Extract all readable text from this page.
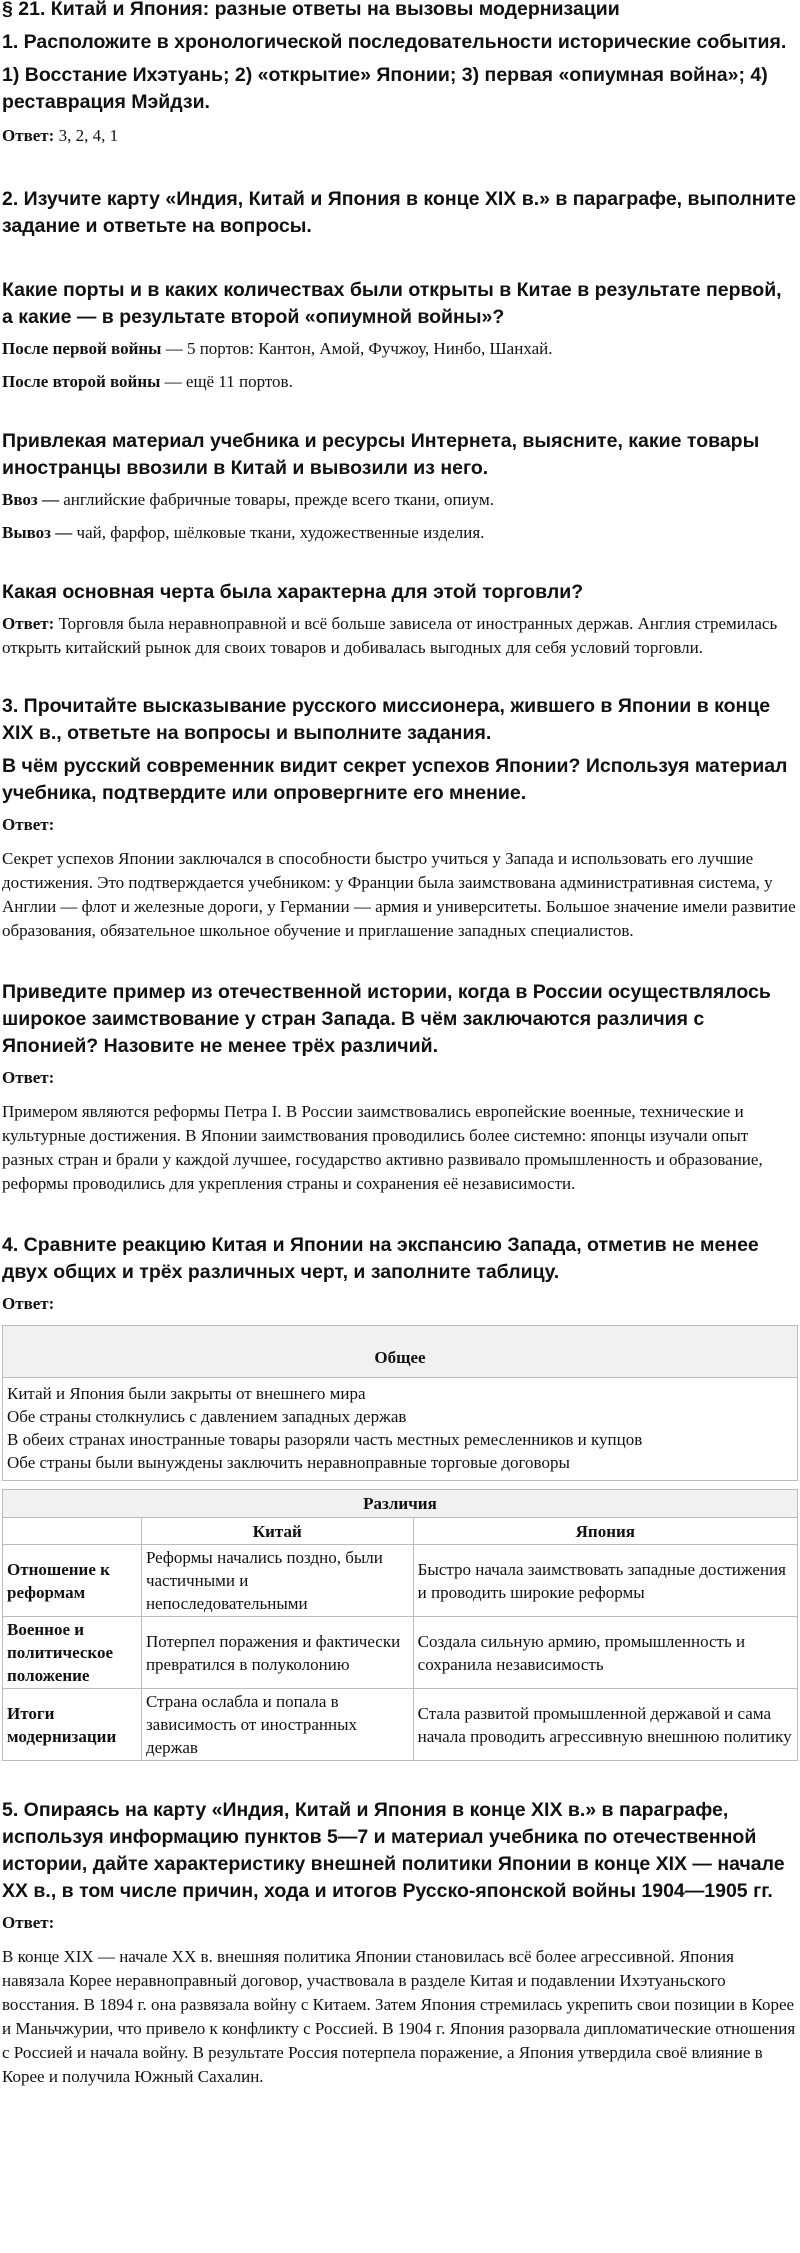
§ 21. Китай и Япония: разные ответы на вызовы модернизации

1. Расположите в хронологической последовательности исторические события.

1) Восстание Ихэтуань; 2) «открытие» Японии; 3) первая «опиумная война»; 4) реставрация Мэйдзи.

Ответ: 3, 2, 4, 1

2. Изучите карту «Индия, Китай и Япония в конце XIX в.» в параграфе, выполните задание и ответьте на вопросы.

Какие порты и в каких количествах были открыты в Китае в результате первой, а какие — в результате второй «опиумной войны»?

После первой войны — 5 портов: Кантон, Амой, Фучжоу, Нинбо, Шанхай.

После второй войны — ещё 11 портов.

Привлекая материал учебника и ресурсы Интернета, выясните, какие товары иностранцы ввозили в Китай и вывозили из него.

Ввоз — английские фабричные товары, прежде всего ткани, опиум.

Вывоз — чай, фарфор, шёлковые ткани, художественные изделия.

Какая основная черта была характерна для этой торговли?

Ответ: Торговля была неравноправной и всё больше зависела от иностранных держав. Англия стремилась открыть китайский рынок для своих товаров и добивалась выгодных для себя условий торговли.

3. Прочитайте высказывание русского миссионера, жившего в Японии в конце XIX в., ответьте на вопросы и выполните задания.

В чём русский современник видит секрет успехов Японии? Используя материал учебника, подтвердите или опровергните его мнение.

Ответ:

Секрет успехов Японии заключался в способности быстро учиться у Запада и использовать его лучшие достижения. Это подтверждается учебником: у Франции была заимствована административная система, у Англии — флот и железные дороги, у Германии — армия и университеты. Большое значение имели развитие образования, обязательное школьное обучение и приглашение западных специалистов.

Приведите пример из отечественной истории, когда в России осуществлялось широкое заимствование у стран Запада. В чём заключаются различия с Японией? Назовите не менее трёх различий.

Ответ:

Примером являются реформы Петра I. В России заимствовались европейские военные, технические и культурные достижения. В Японии заимствования проводились более системно: японцы изучали опыт разных стран и брали у каждой лучшее, государство активно развивало промышленность и образование, реформы проводились для укрепления страны и сохранения её независимости.

4. Сравните реакцию Китая и Японии на экспансию Запада, отметив не менее двух общих и трёх различных черт, и заполните таблицу.

Ответ:

Общее

Китай и Япония были закрыты от внешнего мира
Обе страны столкнулись с давлением западных держав
В обеих странах иностранные товары разоряли часть местных ремесленников и купцов
Обе страны были вынуждены заключить неравноправные торговые договоры
Различия		
	Китай	Япония
Отношение к реформам	Реформы начались поздно, были частичными и непоследовательными	Быстро начала заимствовать западные достижения и проводить широкие реформы
Военное и политическое положение	Потерпел поражения и фактически превратился в полуколонию	Создала сильную армию, промышленность и сохранила независимость
Итоги модернизации	Страна ослабла и попала в зависимость от иностранных держав	Стала развитой промышленной державой и сама начала проводить агрессивную внешнюю политику

5. Опираясь на карту «Индия, Китай и Япония в конце XIX в.» в параграфе, используя информацию пунктов 5—7 и материал учебника по отечественной истории, дайте характеристику внешней политики Японии в конце XIX — начале XX в., в том числе причин, хода и итогов Русско-японской войны 1904—1905 гг.

Ответ:

В конце XIX — начале XX в. внешняя политика Японии становилась всё более агрессивной. Япония навязала Корее неравноправный договор, участвовала в разделе Китая и подавлении Ихэтуаньского восстания. В 1894 г. она развязала войну с Китаем. Затем Япония стремилась укрепить свои позиции в Корее и Маньчжурии, что привело к конфликту с Россией. В 1904 г. Япония разорвала дипломатические отношения с Россией и начала войну. В результате Россия потерпела поражение, а Япония утвердила своё влияние в Корее и получила Южный Сахалин.
